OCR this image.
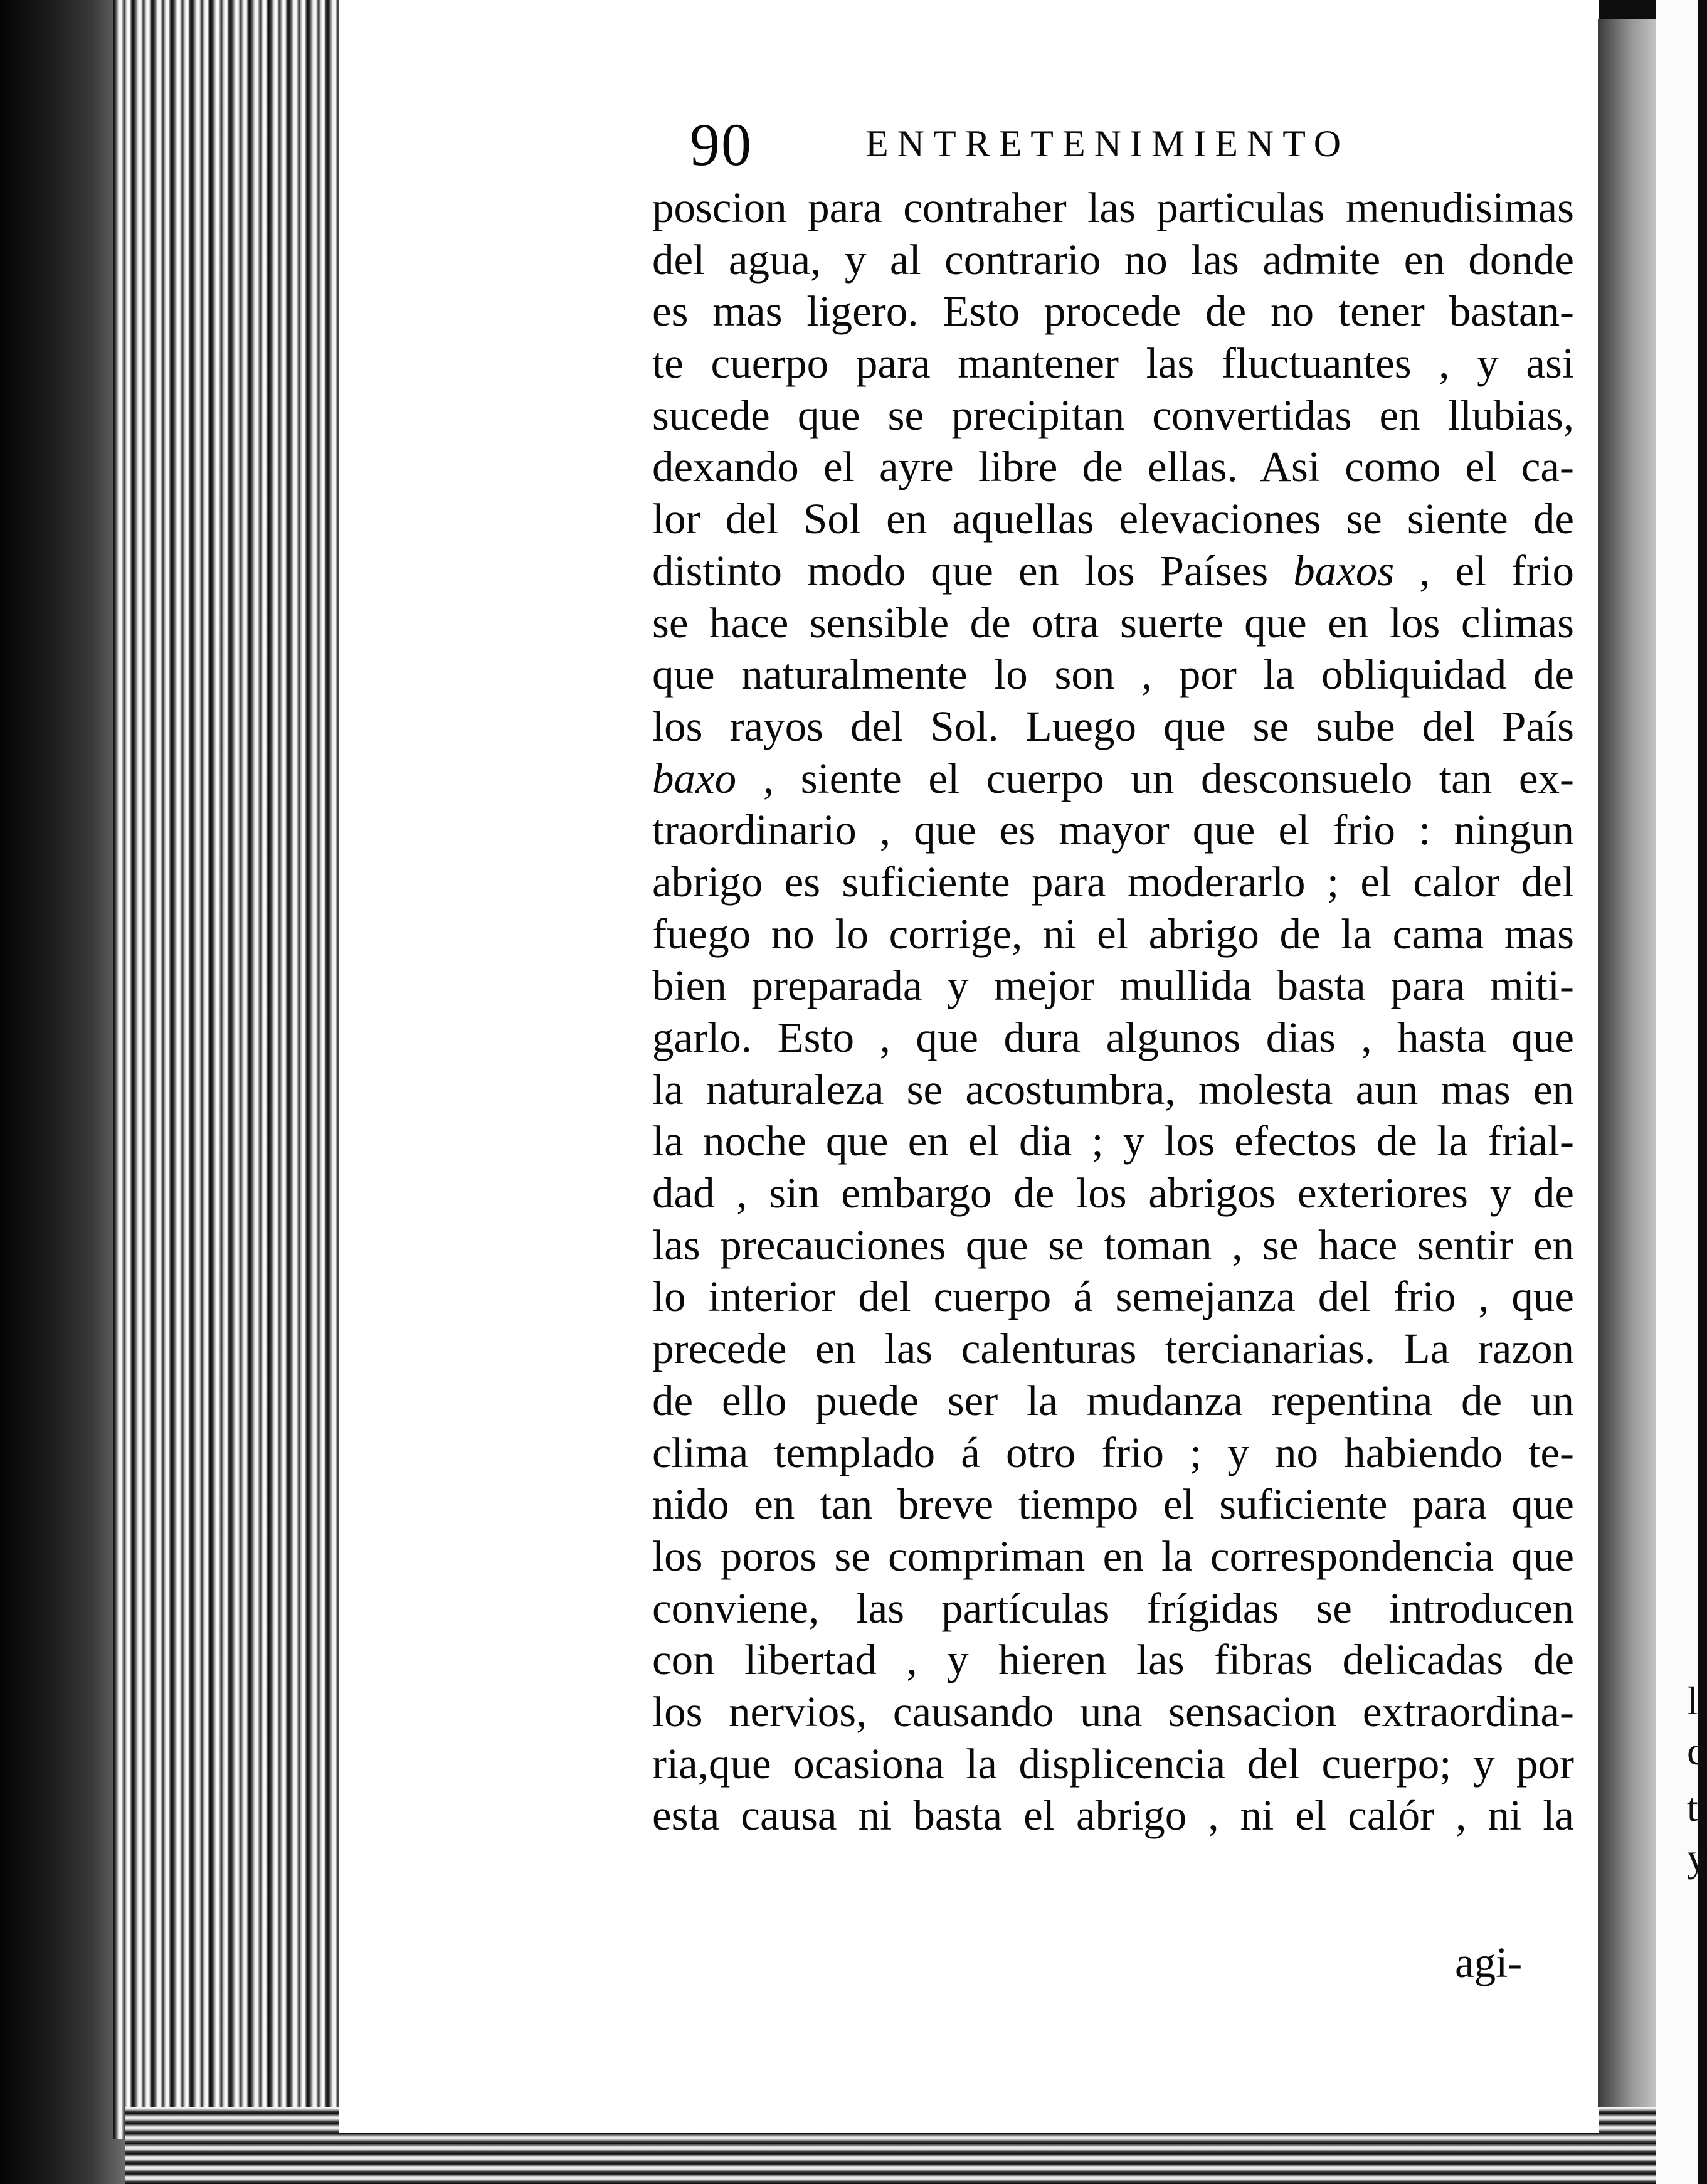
l
c
t
y
90	ENTRETENIMIENTO
poscion para contraher las particulas menudisimas
del agua, y al contrario no las admite en donde
es mas ligero. Esto procede de no tener bastan-
te cuerpo para mantener las fluctuantes , y asi
sucede que se precipitan convertidas en llubias,
dexando el ayre libre de ellas. Asi como el ca-
lor del Sol en aquellas elevaciones se siente de
distinto modo que en los Países baxos , el frio
se hace sensible de otra suerte que en los climas
que naturalmente lo son , por la obliquidad de
los rayos del Sol. Luego que se sube del País
baxo , siente el cuerpo un desconsuelo tan ex-
traordinario , que es mayor que el frio : ningun
abrigo es suficiente para moderarlo ; el calor del
fuego no lo corrige, ni el abrigo de la cama mas
bien preparada y mejor mullida basta para miti-
garlo. Esto , que dura algunos dias , hasta que
la naturaleza se acostumbra, molesta aun mas en
la noche que en el dia ; y los efectos de la frial-
dad , sin embargo de los abrigos exteriores y de
las precauciones que se toman , se hace sentir en
lo interior del cuerpo á semejanza del frio , que
precede en las calenturas tercianarias. La razon
de ello puede ser la mudanza repentina de un
clima templado á otro frio ; y no habiendo te-
nido en tan breve tiempo el suficiente para que
los poros se compriman en la correspondencia que
conviene, las partículas frígidas se introducen
con libertad , y hieren las fibras delicadas de
los nervios, causando una sensacion extraordina-
ria,que ocasiona la displicencia del cuerpo; y por
esta causa ni basta el abrigo , ni el calór , ni la
agi-
